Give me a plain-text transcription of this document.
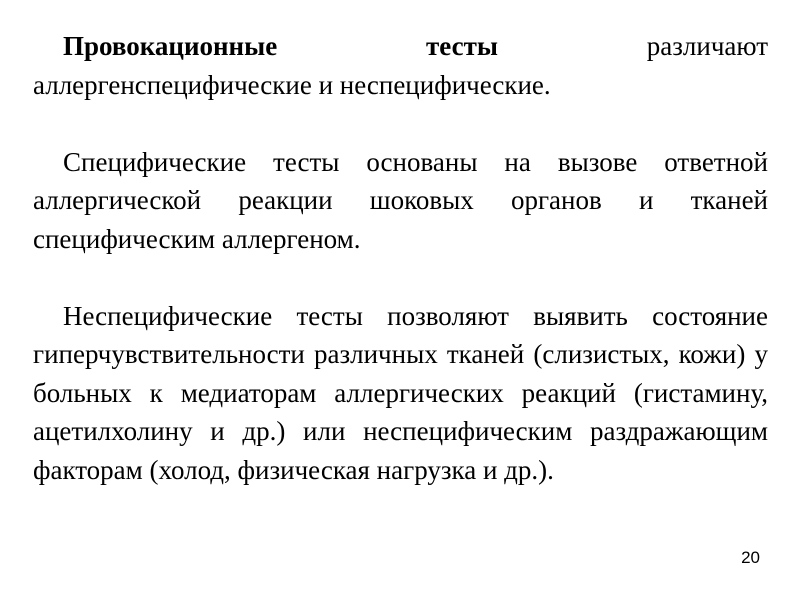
Провокационные тесты различают аллергенспецифические и неспецифические.

Специфические тесты основаны на вызове ответной аллергической реакции шоковых органов и тканей специфическим аллергеном.

Неспецифические тесты позволяют выявить состояние гиперчувствительности различных тканей (слизистых, кожи) у больных к медиаторам аллергических реакций (гистамину, ацетилхолину и др.) или неспецифическим раздражающим факторам (холод, физическая нагрузка и др.).

20
